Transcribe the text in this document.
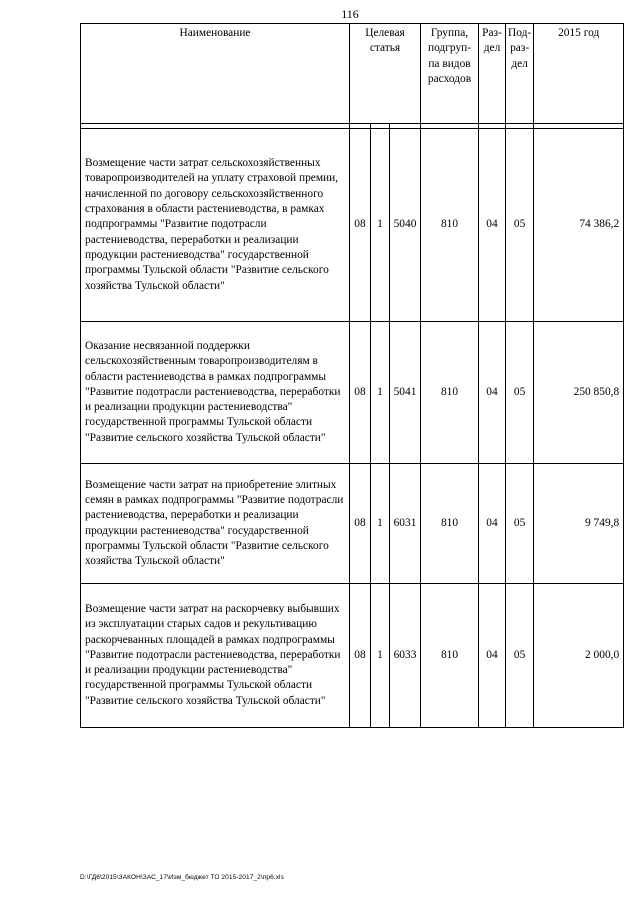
116
Наименование	Целевая статья			Группа, подгруп-па видов расходов	Раз-дел	Под-раз-дел	2015 год

Возмещение части затрат сельскохозяйственных товаропроизводителей на уплату страховой премии, начисленной по договору сельскохозяйственного страхования в области растениеводства, в рамках подпрограммы "Развитие подотрасли растениеводства, переработки и реализации продукции растениеводства" государственной программы Тульской области "Развитие сельского хозяйства Тульской области"	08	1	5040	810	04	05	74 386,2
Оказание несвязанной поддержки сельскохозяйственным товаропроизводителям в области растениеводства в рамках подпрограммы "Развитие подотрасли растениеводства, переработки и реализации продукции растениеводства" государственной программы Тульской области "Развитие сельского хозяйства Тульской области"	08	1	5041	810	04	05	250 850,8
Возмещение части затрат на приобретение элитных семян в рамках подпрограммы "Развитие подотрасли растениеводства, переработки и реализации продукции растениеводства" государственной программы Тульской области "Развитие сельского хозяйства Тульской области"	08	1	6031	810	04	05	9 749,8
Возмещение части затрат на раскорчевку выбывших из эксплуатации старых садов и рекультивацию раскорчеванных площадей в рамках подпрограммы "Развитие подотрасли растениеводства, переработки и реализации продукции растениеводства" государственной программы Тульской области "Развитие сельского хозяйства Тульской области"	08	1	6033	810	04	05	2 000,0
D:\ГД6\2015\ЗАКОН\ЗАС_17\Изм_бюджет ТО 2015-2017_2\пр6.xls
